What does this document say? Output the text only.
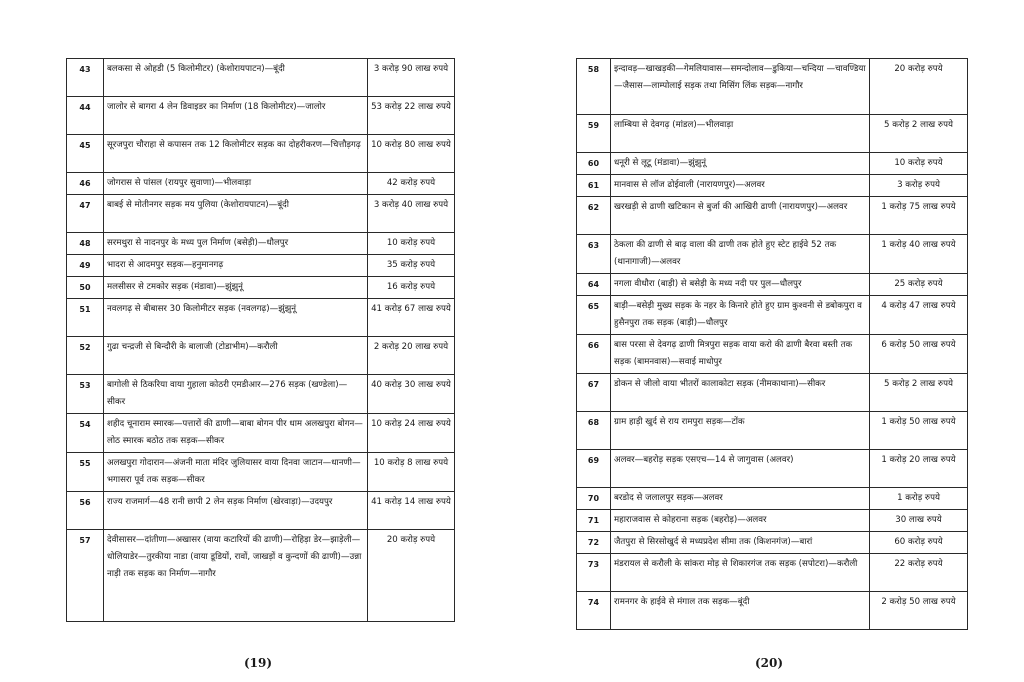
43	बलकसा से ओहडी (5 किलोमीटर) (केशोरायपाटन)—बूंदी	3 करोड़ 90 लाख रुपये
44	जालोर से बागरा 4 लेन डिवाइडर का निर्माण (18 किलोमीटर)—जालोर	53 करोड़ 22 लाख रुपये
45	सूरजपुरा चौराहा से कपासन तक 12 किलोमीटर सड़क का दोहरीकरण—चित्तौड़गढ़	10 करोड़ 80 लाख रुपये
46	जोगरास से पांसल (रायपुर सुवाणा)—भीलवाड़ा	42 करोड़ रुपये
47	बाबई से मोतीनगर सड़क मय पुलिया (केशोरायपाटन)—बूंदी	3 करोड़ 40 लाख रुपये
48	सरमथुरा से नादनपुर के मध्य पुल निर्माण (बसेड़ी)—धौलपुर	10 करोड़ रुपये
49	भादरा से आदमपुर सड़क—हनुमानगढ़	35 करोड़ रुपये
50	मलसीसर से टमकोर सड़क (मंडावा)—झुंझुनूं	16 करोड़ रुपये
51	नवलगढ़ से बीबासर 30 किलोमीटर सड़क (नवलगढ़)—झुंझुनूं	41 करोड़ 67 लाख रुपये
52	गुढा चन्द्रजी से बिन्दौरी के बालाजी (टोडाभीम)—करौली	2 करोड़ 20 लाख रुपये
53	बागोली से ठिकरिया वाया गुहाला कोठरी एमडीआर—276 सड़क (खण्डेला)—सीकर	40 करोड़ 30 लाख रुपये
54	शहीद चूनाराम स्मारक—पत्तारों की ढाणी—बाबा बोगन पीर धाम अलखपुरा बोगन—लोठ स्मारक बठोठ तक सड़क—सीकर	10 करोड़ 24 लाख रुपये
55	अलखपुरा गोदारान—अंजनी माता मंदिर जुलियासर वाया दिनवा जाटान—धानणी—भगासरा पूर्व तक सड़क—सीकर	10 करोड़ 8 लाख रुपये
56	राज्य राजमार्ग—48 रानी छापी 2 लेन सड़क निर्माण (खेरवाड़ा)—उदयपुर	41 करोड़ 14 लाख रुपये
57	देवीसासर—दांतीणा—अखासर (वाया कटारियों की ढाणी)—रोहिड़ा डेर—झाड़ेली—धोलियाडेर—तुरकीया नाडा (वाया डूडियों, रावों, जाखड़ों व कुन्दणों की ढाणी)—उन्ना नाड़ी तक सड़क का निर्माण—नागौर	20 करोड़ रुपये
58	इन्दावड़—खाखड़की—गेमलियावास—समन्दोलाव—डुकिया—चन्दिया —चावण्डिया—जैसास—लाम्पोलाई सड़क तथा मिसिंग लिंक सड़क—नागौर	20 करोड़ रुपये
59	लाम्बिया से देवगढ़ (मांडल)—भीलवाड़ा	5 करोड़ 2 लाख रुपये
60	धनूरी से लूटू (मंडावा)—झुंझुनूं	10 करोड़ रुपये
61	मानवास से लॉज ढोईवाली (नारायणपुर)—अलवर	3 करोड़ रुपये
62	खरखड़ी से ढाणी खटिकान से बुर्जा की आखिरी ढाणी (नारायणपुर)—अलवर	1 करोड़ 75 लाख रुपये
63	ठेकला की ढाणी से बाढ़ वाला की ढाणी तक होते हुए स्टेट हाईवे 52 तक (थानागाजी)—अलवर	1 करोड़ 40 लाख रुपये
64	नगला वीधौरा (बाड़ी) से बसेड़ी के मध्य नदी पर पुल—धौलपुर	25 करोड़ रुपये
65	बाड़ी—बसेड़ी मुख्य सड़क के नहर के किनारे होते हुए ग्राम कुश्वनी से डबोकपुरा व हुसैनपुरा तक सड़क (बाड़ी)—धौलपुर	4 करोड़ 47 लाख रुपये
66	बास परसा से देवगढ़ ढाणी मित्रपुरा सड़क वाया करो की ढाणी बैरवा बस्ती तक सड़क (बामनवास)—सवाई माधोपुर	6 करोड़ 50 लाख रुपये
67	डोकन से जीलो वाया भीतरों कालाकोटा सड़क (नीमकाथाना)—सीकर	5 करोड़ 2 लाख रुपये
68	ग्राम हाड़ी खुर्द से राय रामपुरा सड़क—टोंक	1 करोड़ 50 लाख रुपये
69	अलवर—बहरोड़ सड़क एसएच—14 से जागुवास (अलवर)	1 करोड़ 20 लाख रुपये
70	बरडोद से जलालपुर सड़क—अलवर	1 करोड़ रुपये
71	महाराजवास से कोहराना सड़क (बहरोड़)—अलवर	30 लाख रुपये
72	जैतपुरा से सिरसोखुर्द से मध्यप्रदेश सीमा तक (किशनगंज)—बारां	60 करोड़ रुपये
73	मंडरायल से करौली के सांकरा मोड़ से शिकारगंज तक सड़क (सपोटरा)—करौली	22 करोड़ रुपये
74	रामनगर के हाईवे से मंगाल तक सड़क—बूंदी	2 करोड़ 50 लाख रुपये
(19)	(20)
